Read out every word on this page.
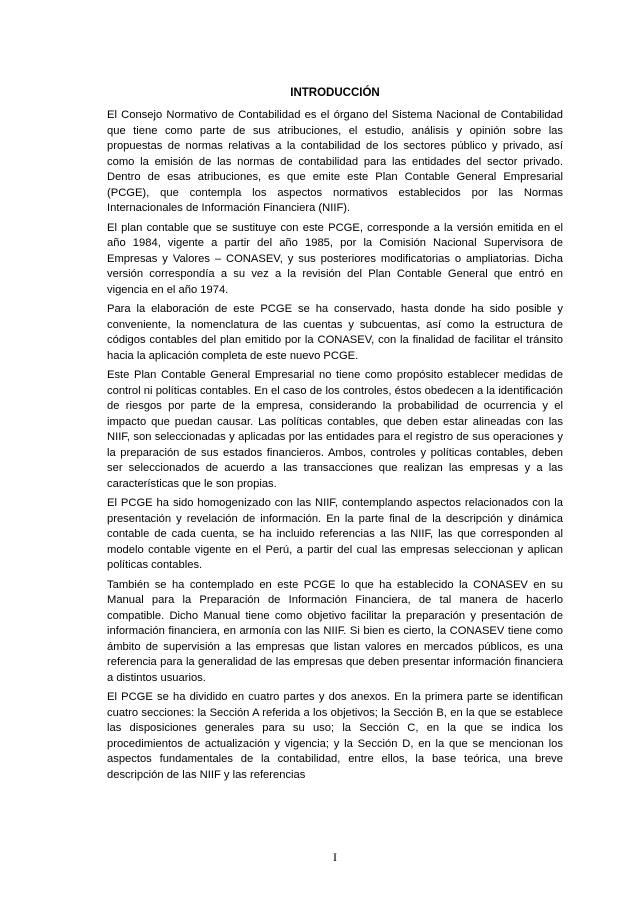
INTRODUCCIÓN

El Consejo Normativo de Contabilidad es el órgano del Sistema Nacional de Contabilidad que tiene como parte de sus atribuciones, el estudio, análisis y opinión sobre las propuestas de normas relativas a la contabilidad de los sectores público y privado, así como la emisión de las normas de contabilidad para las entidades del sector privado. Dentro de esas atribuciones, es que emite este Plan Contable General Empresarial (PCGE), que contempla los aspectos normativos establecidos por las Normas Internacionales de Información Financiera (NIIF).

El plan contable que se sustituye con este PCGE, corresponde a la versión emitida en el año 1984, vigente a partir del año 1985, por la Comisión Nacional Supervisora de Empresas y Valores – CONASEV, y sus posteriores modificatorias o ampliatorias. Dicha versión correspondía a su vez a la revisión del Plan Contable General que entró en vigencia en el año 1974.

Para la elaboración de este PCGE se ha conservado, hasta donde ha sido posible y conveniente, la nomenclatura de las cuentas y subcuentas, así como la estructura de códigos contables del plan emitido por la CONASEV, con la finalidad de facilitar el tránsito hacia la aplicación completa de este nuevo PCGE.

Este Plan Contable General Empresarial no tiene como propósito establecer medidas de control ni políticas contables. En el caso de los controles, éstos obedecen a la identificación de riesgos por parte de la empresa, considerando la probabilidad de ocurrencia y el impacto que puedan causar. Las políticas contables, que deben estar alineadas con las NIIF, son seleccionadas y aplicadas por las entidades para el registro de sus operaciones y la preparación de sus estados financieros. Ambos, controles y políticas contables, deben ser seleccionados de acuerdo a las transacciones que realizan las empresas y a las características que le son propias.

El PCGE ha sido homogenizado con las NIIF, contemplando aspectos relacionados con la presentación y revelación de información. En la parte final de la descripción y dinámica contable de cada cuenta, se ha incluido referencias a las NIIF, las que corresponden al modelo contable vigente en el Perú, a partir del cual las empresas seleccionan y aplican políticas contables.

También se ha contemplado en este PCGE lo que ha establecido la CONASEV en su Manual para la Preparación de Información Financiera, de tal manera de hacerlo compatible. Dicho Manual tiene como objetivo facilitar la preparación y presentación de información financiera, en armonía con las NIIF. Si bien es cierto, la CONASEV tiene como ámbito de supervisión a las empresas que listan valores en mercados públicos, es una referencia para la generalidad de las empresas que deben presentar información financiera a distintos usuarios.

El PCGE se ha dividido en cuatro partes y dos anexos. En la primera parte se identifican cuatro secciones: la Sección A referida a los objetivos; la Sección B, en la que se establece las disposiciones generales para su uso; la Sección C, en la que se indica los procedimientos de actualización y vigencia; y la Sección D, en la que se mencionan los aspectos fundamentales de la contabilidad, entre ellos, la base teórica, una breve descripción de las NIIF y las referencias

I
